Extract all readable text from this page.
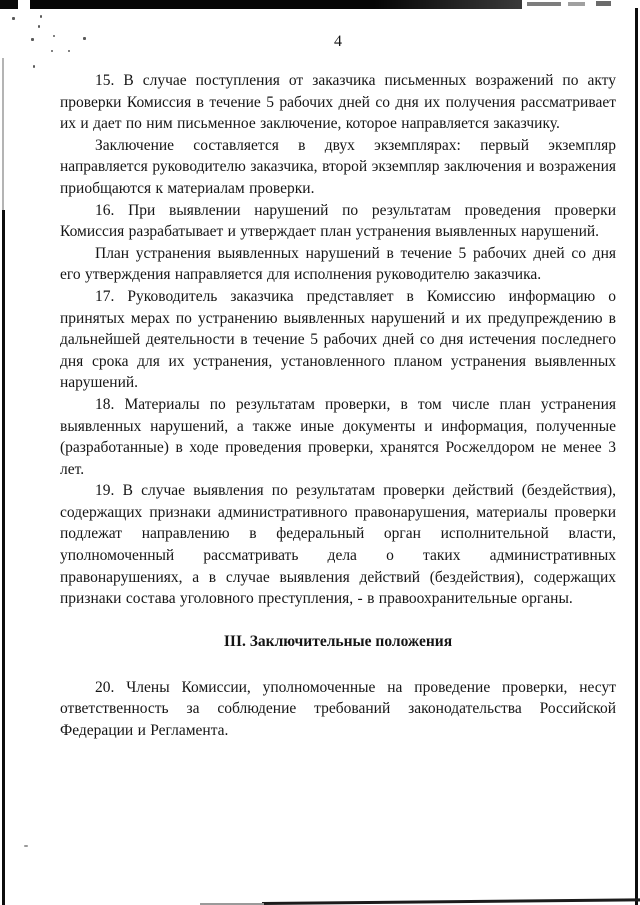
4

15. В случае поступления от заказчика письменных возражений по акту проверки Комиссия в течение 5 рабочих дней со дня их получения рассматривает их и дает по ним письменное заключение, которое направляется заказчику.

Заключение составляется в двух экземплярах: первый экземпляр направляется руководителю заказчика, второй экземпляр заключения и возражения приобщаются к материалам проверки.

16. При выявлении нарушений по результатам проведения проверки Комиссия разрабатывает и утверждает план устранения выявленных нарушений.

План устранения выявленных нарушений в течение 5 рабочих дней со дня его утверждения направляется для исполнения руководителю заказчика.

17. Руководитель заказчика представляет в Комиссию информацию о принятых мерах по устранению выявленных нарушений и их предупреждению в дальнейшей деятельности в течение 5 рабочих дней со дня истечения последнего дня срока для их устранения, установленного планом устранения выявленных нарушений.

18. Материалы по результатам проверки, в том числе план устранения выявленных нарушений, а также иные документы и информация, полученные (разработанные) в ходе проведения проверки, хранятся Росжелдором не менее 3 лет.

19. В случае выявления по результатам проверки действий (бездействия), содержащих признаки административного правонарушения, материалы проверки подлежат направлению в федеральный орган исполнительной власти, уполномоченный рассматривать дела о таких административных правонарушениях, а в случае выявления действий (бездействия), содержащих признаки состава уголовного преступления, - в правоохранительные органы.

III. Заключительные положения

20. Члены Комиссии, уполномоченные на проведение проверки, несут ответственность за соблюдение требований законодательства Российской Федерации и Регламента.
